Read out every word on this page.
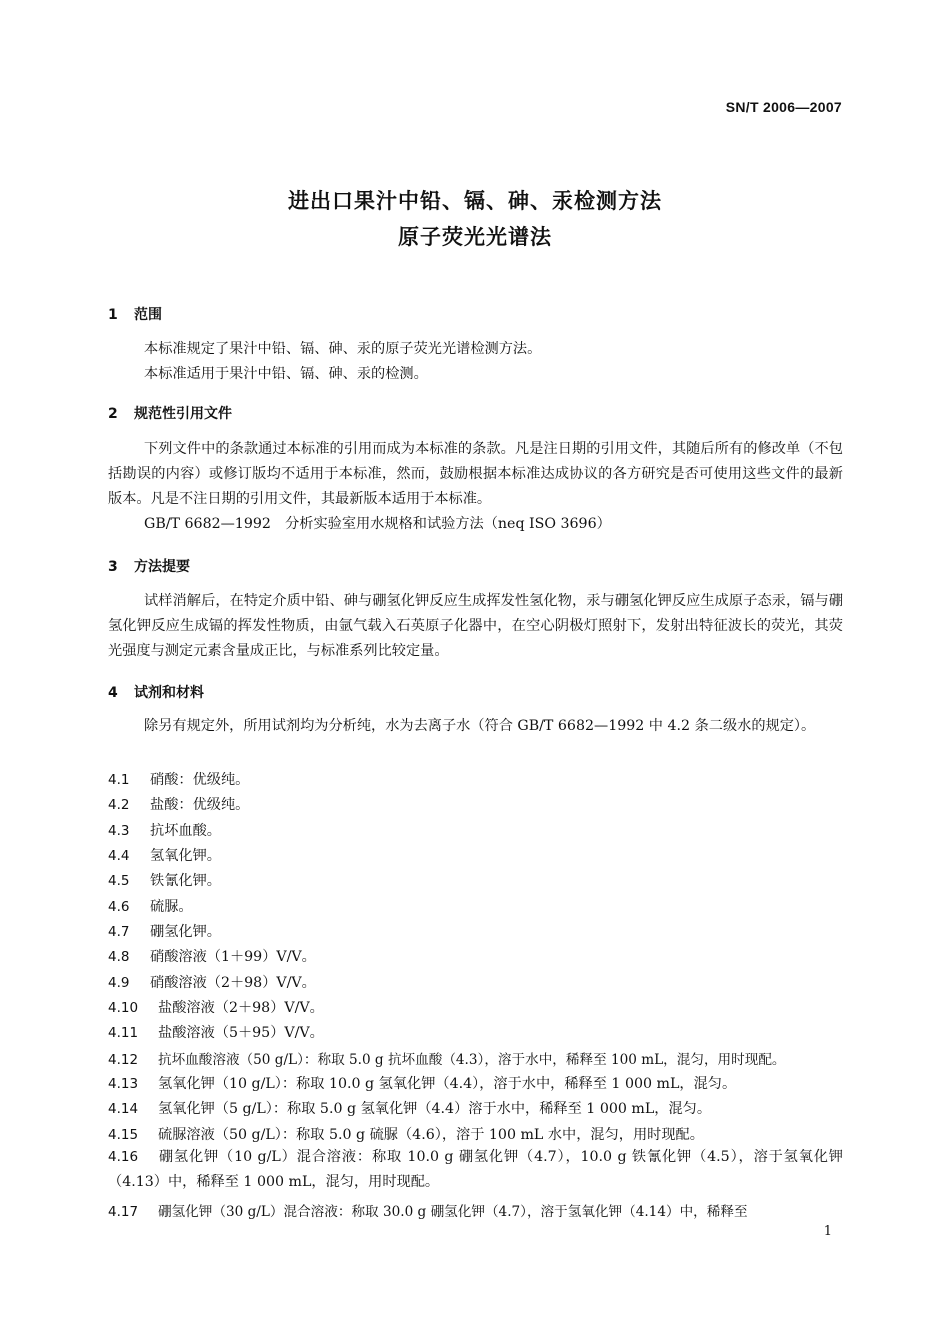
SN/T 2006—2007
进出口果汁中铅、镉、砷、汞检测方法
原子荧光光谱法
1 范围
本标准规定了果汁中铅、镉、砷、汞的原子荧光光谱检测方法。
本标准适用于果汁中铅、镉、砷、汞的检测。
2 规范性引用文件
下列文件中的条款通过本标准的引用而成为本标准的条款。凡是注日期的引用文件，其随后所有的修改单（不包括勘误的内容）或修订版均不适用于本标准，然而，鼓励根据本标准达成协议的各方研究是否可使用这些文件的最新版本。凡是不注日期的引用文件，其最新版本适用于本标准。
GB/T 6682—1992　分析实验室用水规格和试验方法（neq ISO 3696）
3 方法提要
试样消解后，在特定介质中铅、砷与硼氢化钾反应生成挥发性氢化物，汞与硼氢化钾反应生成原子态汞，镉与硼氢化钾反应生成镉的挥发性物质，由氩气载入石英原子化器中，在空心阴极灯照射下，发射出特征波长的荧光，其荧光强度与测定元素含量成正比，与标准系列比较定量。
4 试剂和材料
除另有规定外，所用试剂均为分析纯，水为去离子水（符合 GB/T 6682—1992 中 4.2 条二级水的规定）。
4.1 硝酸：优级纯。
4.2 盐酸：优级纯。
4.3 抗坏血酸。
4.4 氢氧化钾。
4.5 铁氰化钾。
4.6 硫脲。
4.7 硼氢化钾。
4.8 硝酸溶液（1＋99）V/V。
4.9 硝酸溶液（2＋98）V/V。
4.10 盐酸溶液（2＋98）V/V。
4.11 盐酸溶液（5＋95）V/V。
4.12 抗坏血酸溶液（50 g/L）：称取 5.0 g 抗坏血酸（4.3），溶于水中，稀释至 100 mL，混匀，用时现配。
4.13 氢氧化钾（10 g/L）：称取 10.0 g 氢氧化钾（4.4），溶于水中，稀释至 1 000 mL，混匀。
4.14 氢氧化钾（5 g/L）：称取 5.0 g 氢氧化钾（4.4）溶于水中，稀释至 1 000 mL，混匀。
4.15 硫脲溶液（50 g/L）：称取 5.0 g 硫脲（4.6），溶于 100 mL 水中，混匀，用时现配。
4.16 硼氢化钾（10 g/L）混合溶液：称取 10.0 g 硼氢化钾（4.7），10.0 g 铁氰化钾（4.5），溶于氢氧化钾（4.13）中，稀释至 1 000 mL，混匀，用时现配。
4.17 硼氢化钾（30 g/L）混合溶液：称取 30.0 g 硼氢化钾（4.7），溶于氢氧化钾（4.14）中，稀释至
1
